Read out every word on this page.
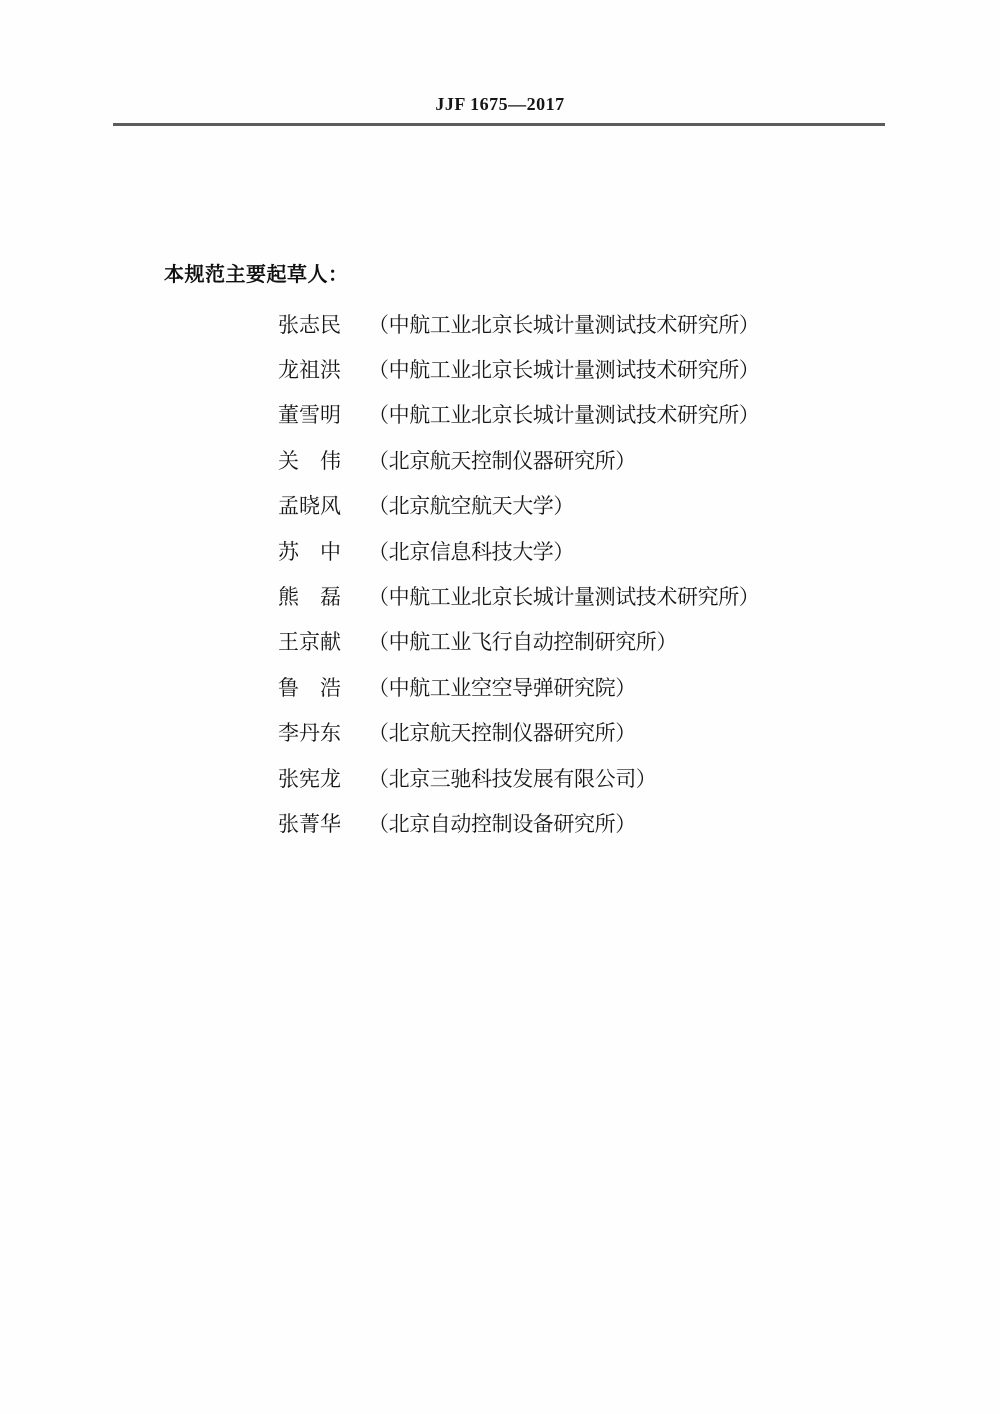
JJF 1675—2017
本规范主要起草人：
张志民 （中航工业北京长城计量测试技术研究所）
龙祖洪 （中航工业北京长城计量测试技术研究所）
董雪明 （中航工业北京长城计量测试技术研究所）
关　伟 （北京航天控制仪器研究所）
孟晓风 （北京航空航天大学）
苏　中 （北京信息科技大学）
熊　磊 （中航工业北京长城计量测试技术研究所）
王京献 （中航工业飞行自动控制研究所）
鲁　浩 （中航工业空空导弹研究院）
李丹东 （北京航天控制仪器研究所）
张宪龙 （北京三驰科技发展有限公司）
张菁华 （北京自动控制设备研究所）
